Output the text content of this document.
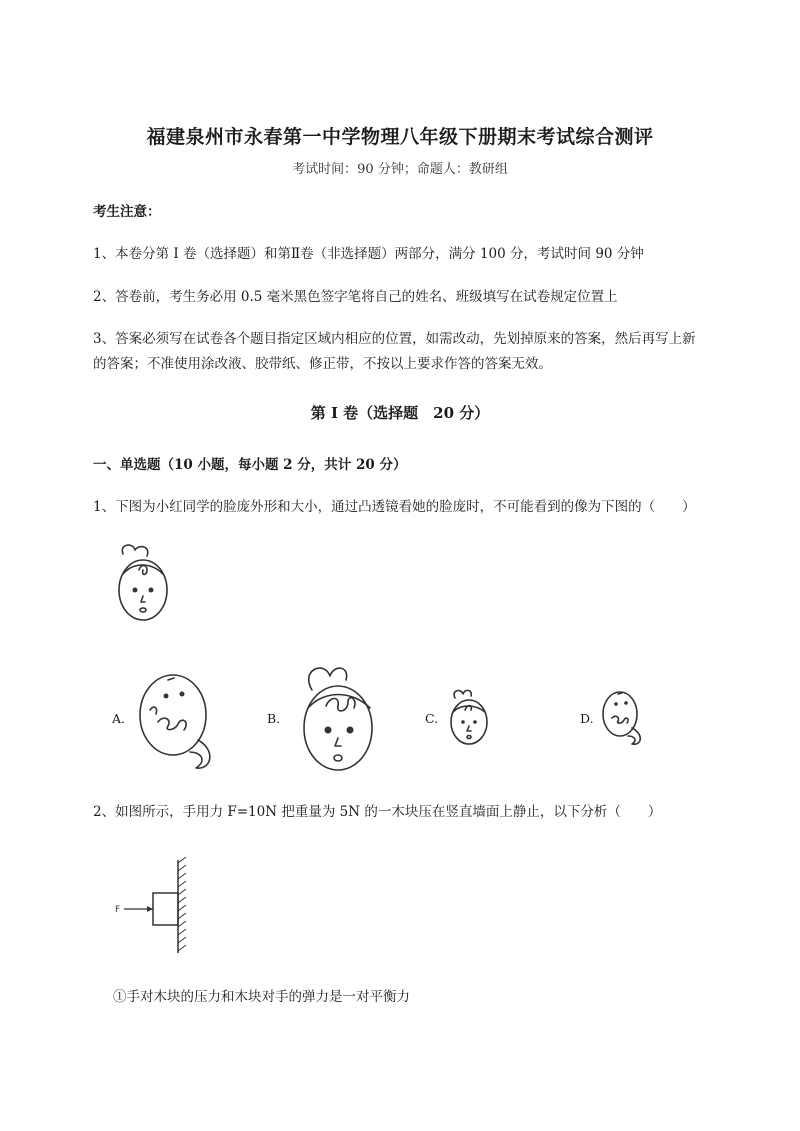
福建泉州市永春第一中学物理八年级下册期末考试综合测评
考试时间：90 分钟；命题人：教研组
考生注意：
1、本卷分第 I 卷（选择题）和第Ⅱ卷（非选择题）两部分，满分 100 分，考试时间 90 分钟
2、答卷前，考生务必用 0.5 毫米黑色签字笔将自己的姓名、班级填写在试卷规定位置上
3、答案必须写在试卷各个题目指定区域内相应的位置，如需改动，先划掉原来的答案，然后再写上新
的答案；不准使用涂改液、胶带纸、修正带，不按以上要求作答的答案无效。
第 I 卷（选择题　20 分）
一、单选题（10 小题，每小题 2 分，共计 20 分）
1、下图为小红同学的脸庞外形和大小，通过凸透镜看她的脸庞时，不可能看到的像为下图的（　　）
A.	B.	C.	D.
2、如图所示，手用力 F=10N 把重量为 5N 的一木块压在竖直墙面上静止，以下分析（　　）
F
①手对木块的压力和木块对手的弹力是一对平衡力
